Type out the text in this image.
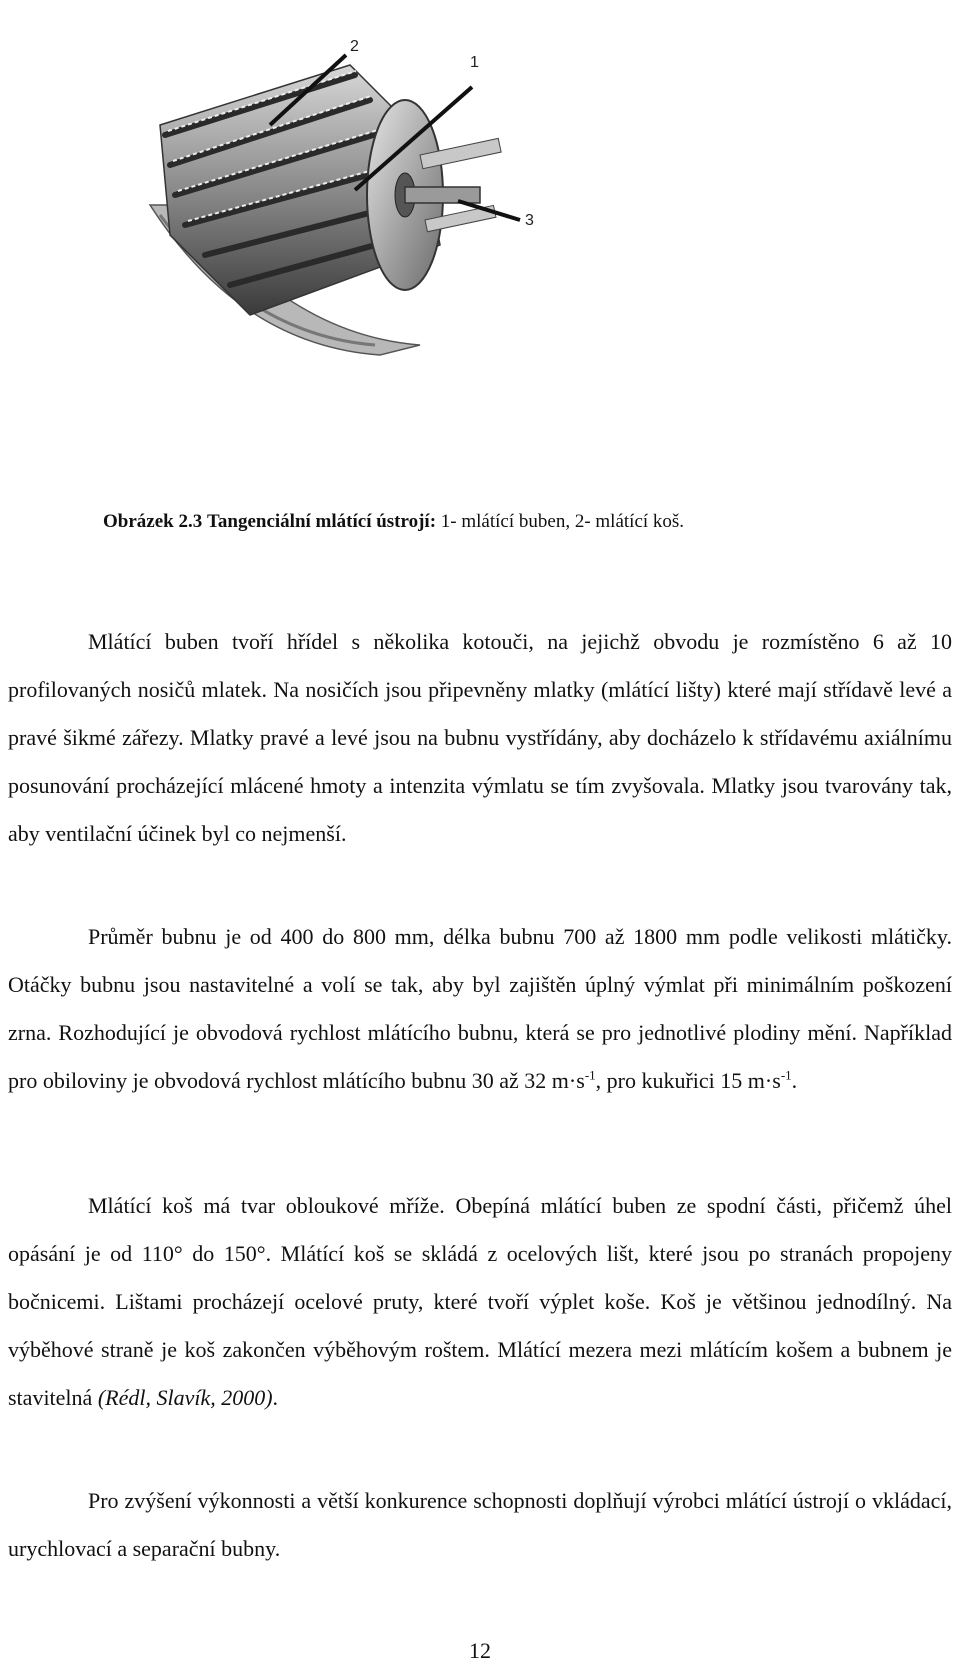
2
1
3
Obrázek 2.3 Tangenciální mlátící ústrojí: 1- mlátící buben, 2- mlátící koš.

Mlátící buben tvoří hřídel s několika kotouči, na jejichž obvodu je rozmístěno 6 až 10 profilovaných nosičů mlatek. Na nosičích jsou připevněny mlatky (mlátící lišty) které mají střídavě levé a pravé šikmé zářezy. Mlatky pravé a levé jsou na bubnu vystřídány, aby docházelo k střídavému axiálnímu posunování procházející mlácené hmoty a intenzita výmlatu se tím zvyšovala. Mlatky jsou tvarovány tak, aby ventilační účinek byl co nejmenší.

Průměr bubnu je od 400 do 800 mm, délka bubnu 700 až 1800 mm podle velikosti mlátičky. Otáčky bubnu jsou nastavitelné a volí se tak, aby byl zajištěn úplný výmlat při minimálním poškození zrna. Rozhodující je obvodová rychlost mlátícího bubnu, která se pro jednotlivé plodiny mění. Například pro obiloviny je obvodová rychlost mlátícího bubnu 30 až 32 $m\cdot s^{-1}$, pro kukuřici 15 $m\cdot s^{-1}$.

Mlátící koš má tvar obloukové mříže. Obepíná mlátící buben ze spodní části, přičemž úhel opásání je od 110° do 150°. Mlátící koš se skládá z ocelových lišt, které jsou po stranách propojeny bočnicemi. Lištami procházejí ocelové pruty, které tvoří výplet koše. Koš je většinou jednodílný. Na výběhové straně je koš zakončen výběhovým roštem. Mlátící mezera mezi mlátícím košem a bubnem je stavitelná (Rédl, Slavík, 2000).

Pro zvýšení výkonnosti a větší konkurence schopnosti doplňují výrobci mlátící ústrojí o vkládací, urychlovací a separační bubny.

12
